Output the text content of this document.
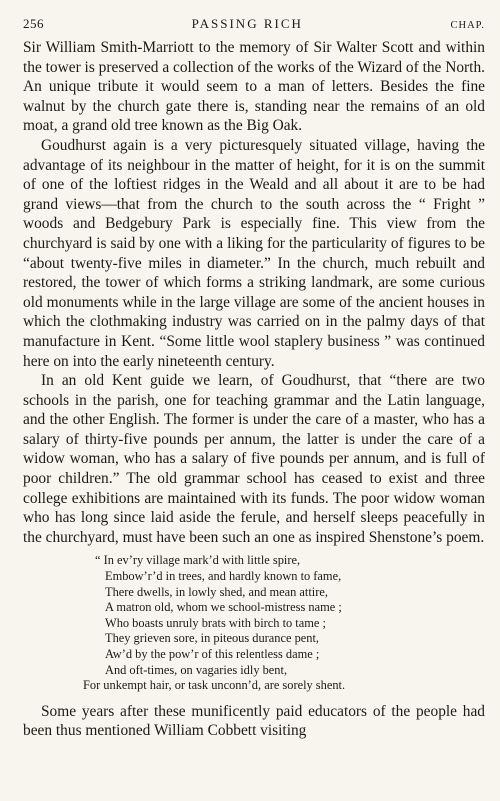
256	PASSING RICH	CHAP.

Sir William Smith-Marriott to the memory of Sir Walter Scott and within the tower is preserved a collection of the works of the Wizard of the North. An unique tribute it would seem to a man of letters. Besides the fine walnut by the church gate there is, standing near the remains of an old moat, a grand old tree known as the Big Oak.

Goudhurst again is a very picturesquely situated village, having the advantage of its neighbour in the matter of height, for it is on the summit of one of the loftiest ridges in the Weald and all about it are to be had grand views—that from the church to the south across the “ Fright ” woods and Bedgebury Park is especially fine. This view from the churchyard is said by one with a liking for the particularity of figures to be “about twenty-five miles in diameter.” In the church, much rebuilt and restored, the tower of which forms a striking landmark, are some curious old monuments while in the large village are some of the ancient houses in which the clothmaking industry was carried on in the palmy days of that manufacture in Kent. “Some little wool staplery business ” was continued here on into the early nineteenth century.

In an old Kent guide we learn, of Goudhurst, that “there are two schools in the parish, one for teaching grammar and the Latin language, and the other English. The former is under the care of a master, who has a salary of thirty-five pounds per annum, the latter is under the care of a widow woman, who has a salary of five pounds per annum, and is full of poor children.” The old grammar school has ceased to exist and three college exhibitions are maintained with its funds. The poor widow woman who has long since laid aside the ferule, and herself sleeps peacefully in the churchyard, must have been such an one as inspired Shenstone’s poem.

“ In ev’ry village mark’d with little spire,
Embow’r’d in trees, and hardly known to fame,
There dwells, in lowly shed, and mean attire,
A matron old, whom we school-mistress name ;
Who boasts unruly brats with birch to tame ;
They grieven sore, in piteous durance pent,
Aw’d by the pow’r of this relentless dame ;
And oft-times, on vagaries idly bent,
For unkempt hair, or task unconn’d, are sorely shent.

Some years after these munificently paid educators of the people had been thus mentioned William Cobbett visiting
